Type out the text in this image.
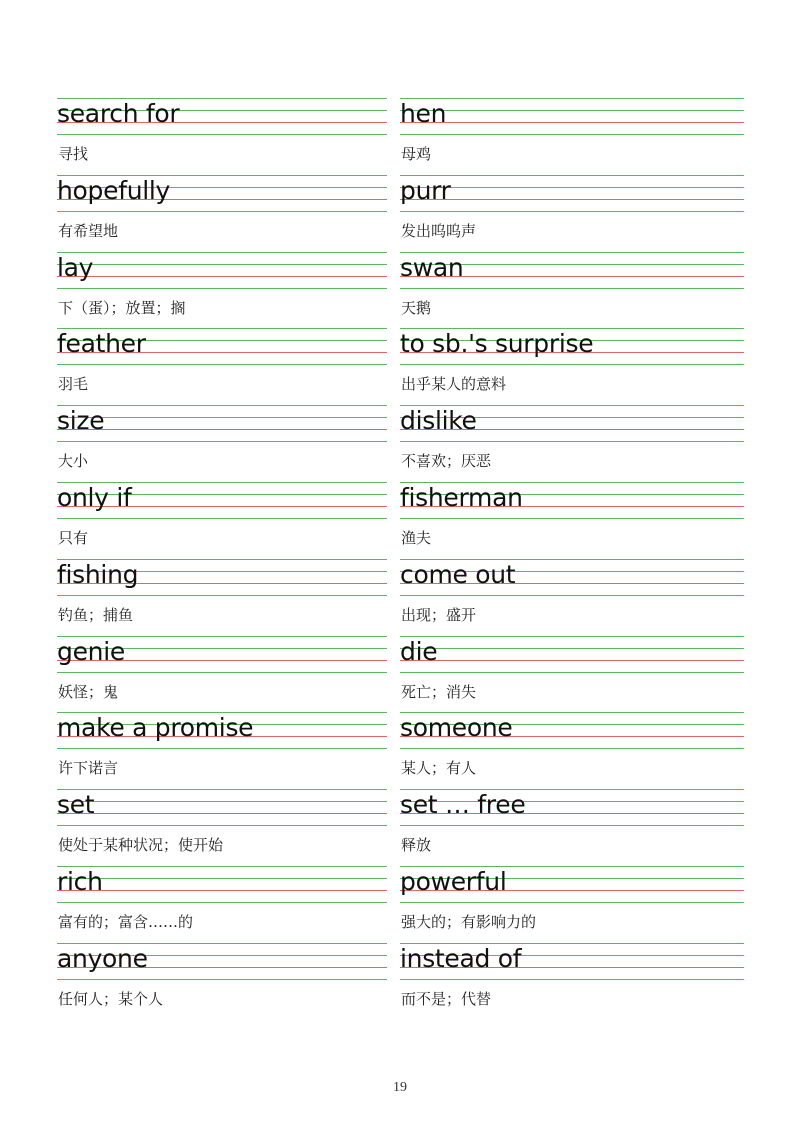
search for
寻找
hen
母鸡
hopefully
有希望地
purr
发出呜呜声
lay
下（蛋）；放置；搁
swan
天鹅
feather
羽毛
to sb.'s surprise
出乎某人的意料
size
大小
dislike
不喜欢；厌恶
only if
只有
fisherman
渔夫
fishing
钓鱼；捕鱼
come out
出现；盛开
genie
妖怪；鬼
die
死亡；消失
make a promise
许下诺言
someone
某人；有人
set
使处于某种状况；使开始
set … free
释放
rich
富有的；富含……的
powerful
强大的；有影响力的
anyone
任何人；某个人
instead of
而不是；代替
19
